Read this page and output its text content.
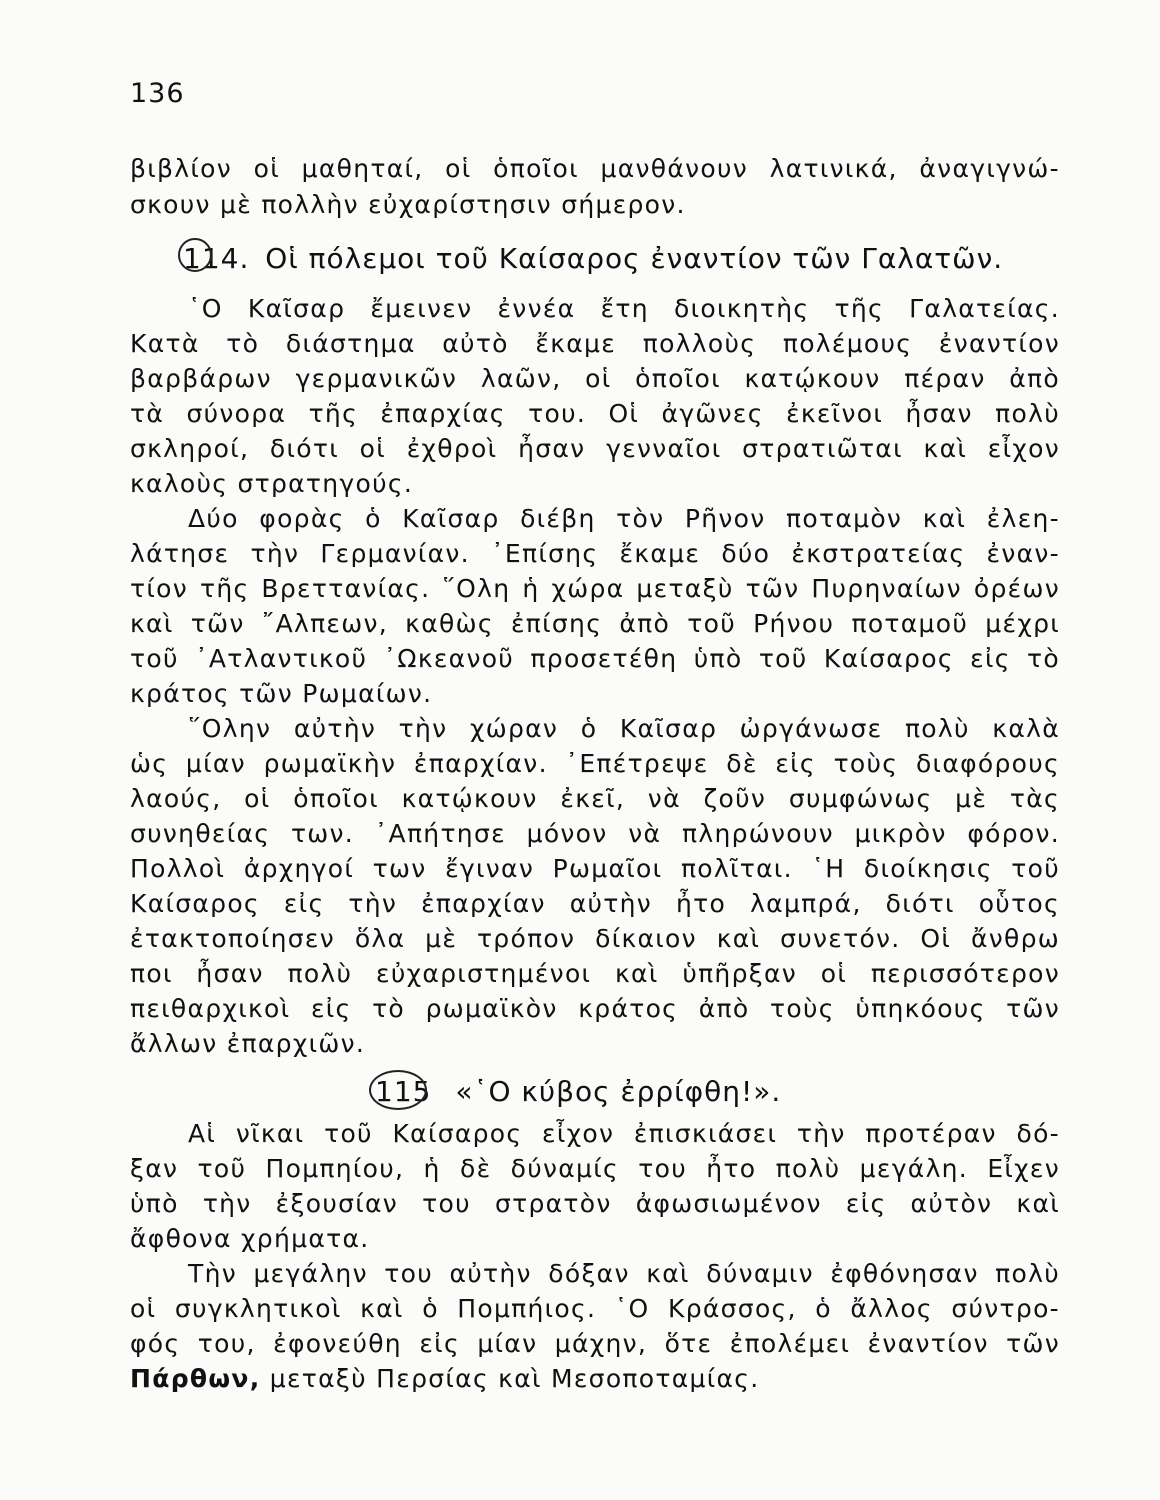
136
βιβλίον οἱ μαθηταί, οἱ ὁποῖοι μανθάνουν λατινικά, ἀναγιγνώ-
σκουν μὲ πολλὴν εὐχαρίστησιν σήμερον.
114. Οἱ πόλεμοι τοῦ Καίσαρος ἐναντίον τῶν Γαλατῶν.
῾Ο Καῖσαρ ἔμεινεν ἐννέα ἔτη διοικητὴς τῆς Γαλατείας.
Κατὰ τὸ διάστημα αὐτὸ ἔκαμε πολλοὺς πολέμους ἐναντίον
βαρβάρων γερμανικῶν λαῶν, οἱ ὁποῖοι κατῴκουν πέραν ἀπὸ
τὰ σύνορα τῆς ἐπαρχίας του. Οἱ ἀγῶνες ἐκεῖνοι ἦσαν πολὺ
σκληροί, διότι οἱ ἐχθροὶ ἦσαν γενναῖοι στρατιῶται καὶ εἶχον
καλοὺς στρατηγούς.
Δύο φορὰς ὁ Καῖσαρ διέβη τὸν Ρῆνον ποταμὸν καὶ ἐλεη-
λάτησε τὴν Γερμανίαν. ᾿Επίσης ἔκαμε δύο ἐκστρατείας ἐναν-
τίον τῆς Βρεττανίας. ῞Ολη ἡ χώρα μεταξὺ τῶν Πυρηναίων ὀρέων
καὶ τῶν ῎Αλπεων, καθὼς ἐπίσης ἀπὸ τοῦ Ρήνου ποταμοῦ μέχρι
τοῦ ᾿Ατλαντικοῦ ᾿Ωκεανοῦ προσετέθη ὑπὸ τοῦ Καίσαρος εἰς τὸ
κράτος τῶν Ρωμαίων.
῞Ολην αὐτὴν τὴν χώραν ὁ Καῖσαρ ὠργάνωσε πολὺ καλὰ
ὡς μίαν ρωμαϊκὴν ἐπαρχίαν. ᾿Επέτρεψε δὲ εἰς τοὺς διαφόρους
λαούς, οἱ ὁποῖοι κατῴκουν ἐκεῖ, νὰ ζοῦν συμφώνως μὲ τὰς
συνηθείας των. ᾿Απήτησε μόνον νὰ πληρώνουν μικρὸν φόρον.
Πολλοὶ ἀρχηγοί των ἔγιναν Ρωμαῖοι πολῖται. ῾Η διοίκησις τοῦ
Καίσαρος εἰς τὴν ἐπαρχίαν αὐτὴν ἦτο λαμπρά, διότι οὗτος
ἐτακτοποίησεν ὅλα μὲ τρόπον δίκαιον καὶ συνετόν. Οἱ ἄνθρω
ποι ἦσαν πολὺ εὐχαριστημένοι καὶ ὑπῆρξαν οἱ περισσότερον
πειθαρχικοὶ εἰς τὸ ρωμαϊκὸν κράτος ἀπὸ τοὺς ὑπηκόους τῶν
ἄλλων ἐπαρχιῶν.
115 «῾Ο κύβος ἐρρίφθη!».
Αἱ νῖκαι τοῦ Καίσαρος εἶχον ἐπισκιάσει τὴν προτέραν δό-
ξαν τοῦ Πομπηίου, ἡ δὲ δύναμίς του ἦτο πολὺ μεγάλη. Εἶχεν
ὑπὸ τὴν ἐξουσίαν του στρατὸν ἀφωσιωμένον εἰς αὐτὸν καὶ
ἄφθονα χρήματα.
Τὴν μεγάλην του αὐτὴν δόξαν καὶ δύναμιν ἐφθόνησαν πολὺ
οἱ συγκλητικοὶ καὶ ὁ Πομπήιος. ῾Ο Κράσσος, ὁ ἄλλος σύντρο-
φός του, ἐφονεύθη εἰς μίαν μάχην, ὅτε ἐπολέμει ἐναντίον τῶν
Πάρθων, μεταξὺ Περσίας καὶ Μεσοποταμίας.
